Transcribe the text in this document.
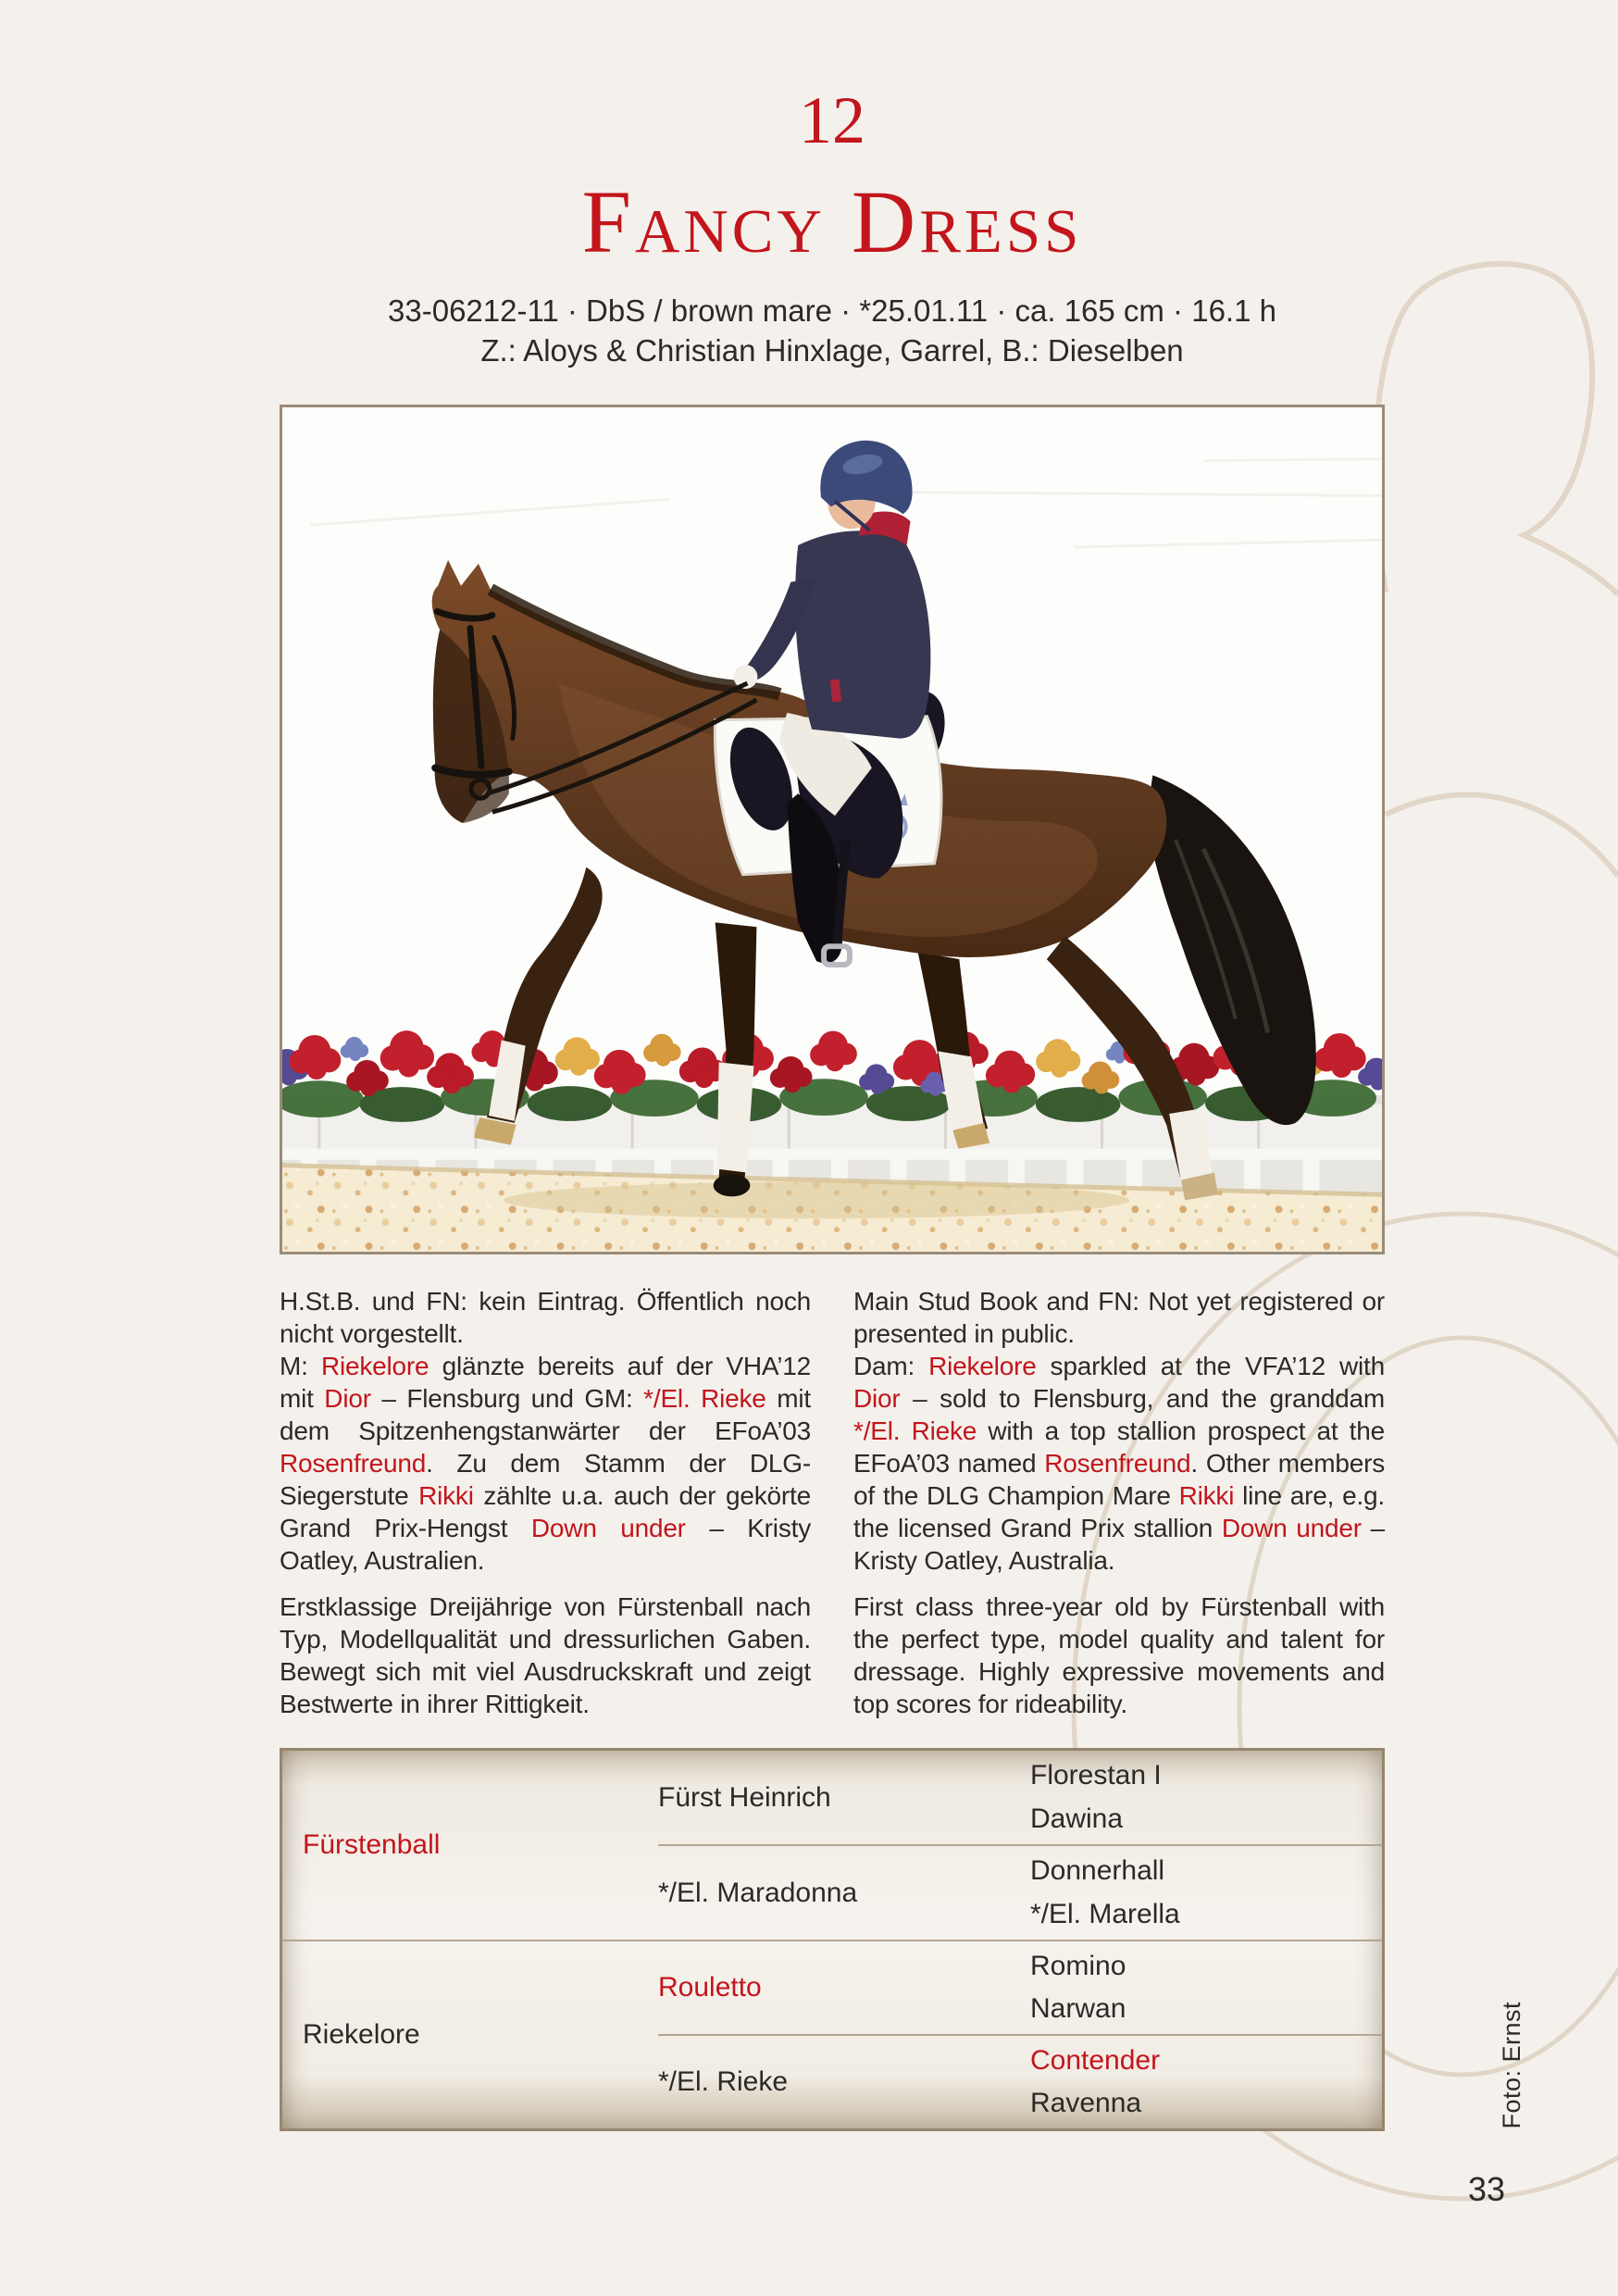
12
Fancy Dress
33-06212-11 · DbS / brown mare · *25.01.11 · ca. 165 cm · 16.1 h
Z.: Aloys & Christian Hinxlage, Garrel, B.: Dieselben

H.St.B. und FN: kein Eintrag. Öffentlich noch nicht vorgestellt.

M: Riekelore glänzte bereits auf der VHA’12 mit Dior – Flensburg und GM: */El. Rieke mit dem Spitzenhengstanwärter der EFoA’03 Rosenfreund. Zu dem Stamm der DLG-Siegerstute Rikki zählte u.a. auch der gekörte Grand Prix-Hengst Down under – Kristy Oatley, Australien.

Erstklassige Dreijährige von Fürstenball nach Typ, Modellqualität und dressurlichen Gaben. Bewegt sich mit viel Ausdruckskraft und zeigt Bestwerte in ihrer Rittigkeit.

Main Stud Book and FN: Not yet registered or presented in public.

Dam: Riekelore sparkled at the VFA’12 with Dior – sold to Flensburg, and the granddam */El. Rieke with a top stallion prospect at the EFoA’03 named Rosenfreund. Other members of the DLG Champion Mare Rikki line are, e.g. the licensed Grand Prix stallion Down under – Kristy Oatley, Australia.

First class three-year old by Fürstenball with the perfect type, model quality and talent for dressage. Highly expressive movements and top scores for rideability.

Fürstenball
Fürst Heinrich
Florestan I
Dawina
*/El. Maradonna
Donnerhall
*/El. Marella
Riekelore
Rouletto
Romino
Narwan
*/El. Rieke
Contender
Ravenna	Foto: Ernst
33
